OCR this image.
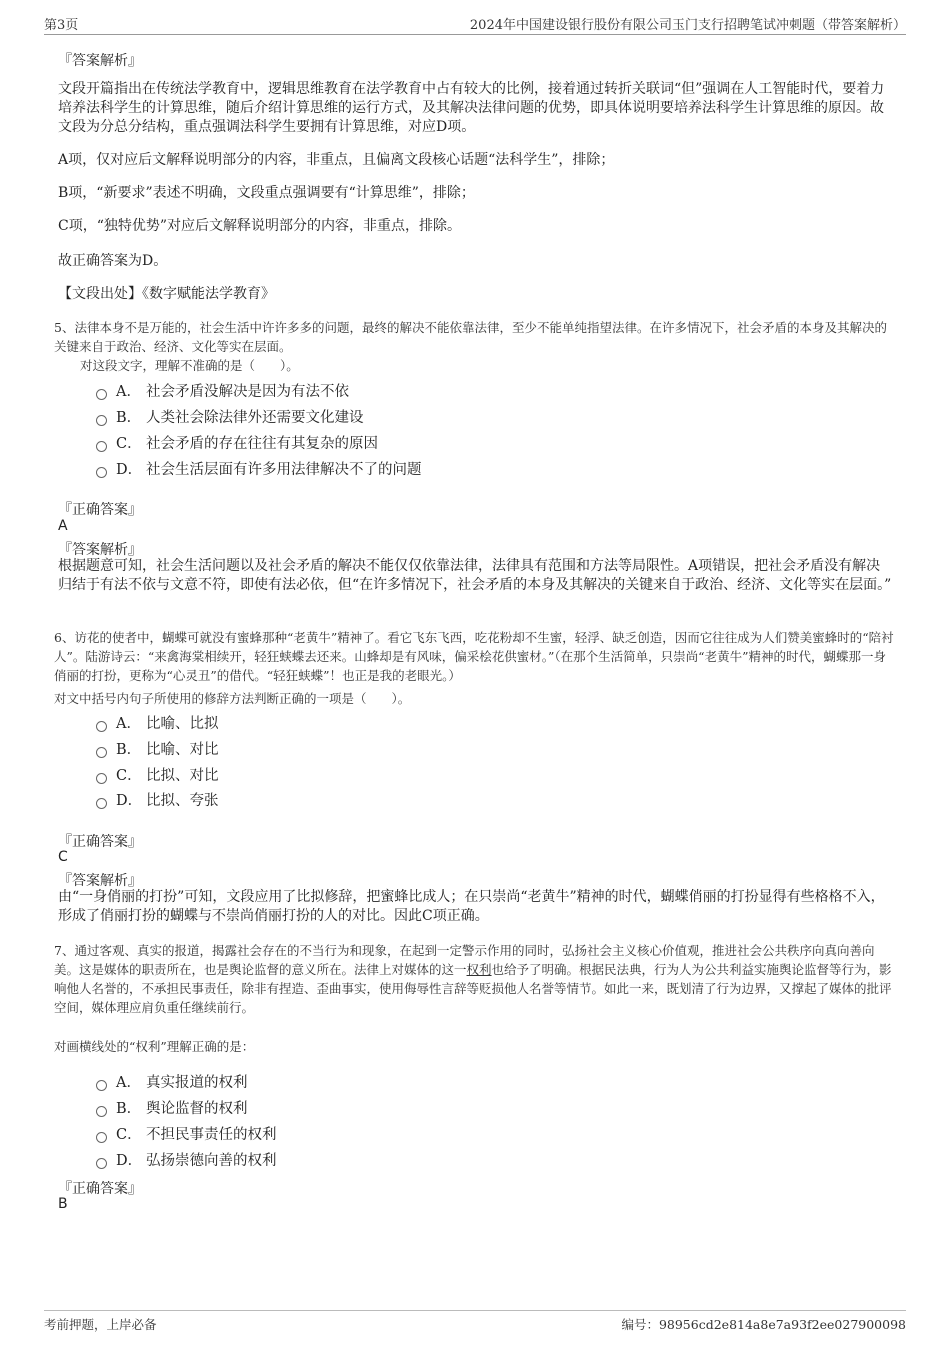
第3页	2024年中国建设银行股份有限公司玉门支行招聘笔试冲刺题（带答案解析）
『答案解析』
文段开篇指出在传统法学教育中，逻辑思维教育在法学教育中占有较大的比例，接着通过转折关联词“但”强调在人工智能时代，要着力培养法科学生的计算思维，随后介绍计算思维的运行方式，及其解决法律问题的优势，即具体说明要培养法科学生计算思维的原因。故文段为分总分结构，重点强调法科学生要拥有计算思维，对应D项。
A项，仅对应后文解释说明部分的内容，非重点，且偏离文段核心话题“法科学生”，排除；
B项，“新要求”表述不明确，文段重点强调要有“计算思维”，排除；
C项，“独特优势”对应后文解释说明部分的内容，非重点，排除。
故正确答案为D。
【文段出处】《数字赋能法学教育》
5、法律本身不是万能的，社会生活中许许多多的问题，最终的解决不能依靠法律，至少不能单纯指望法律。在许多情况下，社会矛盾的本身及其解决的关键来自于政治、经济、文化等实在层面。
对这段文字，理解不准确的是（　　）。
A． 社会矛盾没解决是因为有法不依
B． 人类社会除法律外还需要文化建设
C． 社会矛盾的存在往往有其复杂的原因
D． 社会生活层面有许多用法律解决不了的问题
『正确答案』
A
『答案解析』
根据题意可知，社会生活问题以及社会矛盾的解决不能仅仅依靠法律，法律具有范围和方法等局限性。A项错误，把社会矛盾没有解决归结于有法不依与文意不符，即使有法必依，但“在许多情况下，社会矛盾的本身及其解决的关键来自于政治、经济、文化等实在层面。”
6、访花的使者中，蝴蝶可就没有蜜蜂那种“老黄牛”精神了。看它飞东飞西，吃花粉却不生蜜，轻浮、缺乏创造，因而它往往成为人们赞美蜜蜂时的“陪衬人”。陆游诗云：“来禽海棠相续开，轻狂蛱蝶去还来。山蜂却是有风味，偏采桧花供蜜材。”（在那个生活简单，只崇尚“老黄牛”精神的时代，蝴蝶那一身俏丽的打扮，更称为“心灵丑”的借代。“轻狂蛱蝶”！也正是我的老眼光。）
对文中括号内句子所使用的修辞方法判断正确的一项是（　　）。
A． 比喻、比拟
B． 比喻、对比
C． 比拟、对比
D． 比拟、夸张
『正确答案』
C
『答案解析』
由“一身俏丽的打扮”可知，文段应用了比拟修辞，把蜜蜂比成人；在只崇尚“老黄牛”精神的时代，蝴蝶俏丽的打扮显得有些格格不入，形成了俏丽打扮的蝴蝶与不崇尚俏丽打扮的人的对比。因此C项正确。
7、通过客观、真实的报道，揭露社会存在的不当行为和现象，在起到一定警示作用的同时，弘扬社会主义核心价值观，推进社会公共秩序向真向善向美。这是媒体的职责所在，也是舆论监督的意义所在。法律上对媒体的这一权利也给予了明确。根据民法典，行为人为公共利益实施舆论监督等行为，影响他人名誉的，不承担民事责任，除非有捏造、歪曲事实，使用侮辱性言辞等贬损他人名誉等情节。如此一来，既划清了行为边界，又撑起了媒体的批评空间，媒体理应肩负重任继续前行。
对画横线处的“权利”理解正确的是：
A． 真实报道的权利
B． 舆论监督的权利
C． 不担民事责任的权利
D． 弘扬崇德向善的权利
『正确答案』
B
考前押题，上岸必备	编号：98956cd2e814a8e7a93f2ee027900098
